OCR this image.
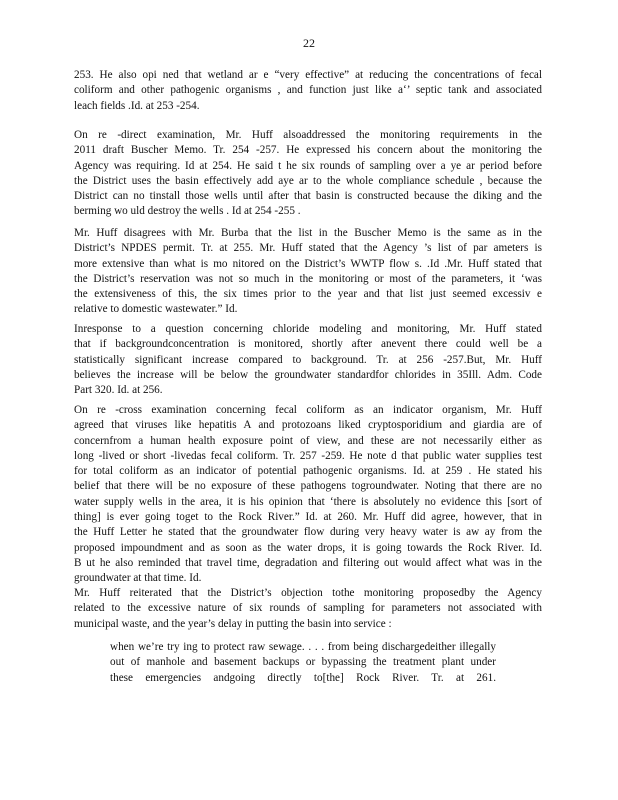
22
253. He also opi ned that wetland ar e “very effective” at reducing the concentrations of fecal
coliform and other pathogenic organisms , and function just like a‘’ septic tank and associated
leach fields .Id. at 253 -254.
On re -direct examination, Mr. Huff alsoaddressed the monitoring requirements in the
2011 draft Buscher Memo. Tr. 254 -257. He expressed his concern about the monitoring the
Agency was requiring. Id at 254. He said t he six rounds of sampling over a ye ar period before
the District uses the basin effectively add aye ar to the whole compliance schedule , because the
District can no tinstall those wells until after that basin is constructed because the diking and the
berming wo uld destroy the wells . Id at 254 -255 .
Mr. Huff disagrees with Mr. Burba that the list in the Buscher Memo is the same as in the
District’s NPDES permit. Tr. at 255. Mr. Huff stated that the Agency ’s list of par ameters is
more extensive than what is mo nitored on the District’s WWTP flow s. .Id .Mr. Huff stated that
the District’s reservation was not so much in the monitoring or most of the parameters, it ‘was
the extensiveness of this, the six times prior to the year and that list just seemed excessiv e
relative to domestic wastewater.” Id.
Inresponse to a question concerning chloride modeling and monitoring, Mr. Huff stated
that if backgroundconcentration is monitored, shortly after anevent there could well be a
statistically significant increase compared to background. Tr. at 256 -257.But, Mr. Huff
believes the increase will be below the groundwater standardfor chlorides in 35Ill. Adm. Code
Part 320. Id. at 256.
On re -cross examination concerning fecal coliform as an indicator organism, Mr. Huff
agreed that viruses like hepatitis A and protozoans liked cryptosporidium and giardia are of
concernfrom a human health exposure point of view, and these are not necessarily either as
long -lived or short -livedas fecal coliform. Tr. 257 -259. He note d that public water supplies test
for total coliform as an indicator of potential pathogenic organisms. Id. at 259 . He stated his
belief that there will be no exposure of these pathogens togroundwater. Noting that there are no
water supply wells in the area, it is his opinion that ‘there is absolutely no evidence this [sort of
thing] is ever going toget to the Rock River.” Id. at 260. Mr. Huff did agree, however, that in
the Huff Letter he stated that the groundwater flow during very heavy water is aw ay from the
proposed impoundment and as soon as the water drops, it is going towards the Rock River. Id.
B ut he also reminded that travel time, degradation and filtering out would affect what was in the
groundwater at that time. Id.
Mr. Huff reiterated that the District’s objection tothe monitoring proposedby the Agency
related to the excessive nature of six rounds of sampling for parameters not associated with
municipal waste, and the year’s delay in putting the basin into service :
when we’re try ing to protect raw sewage. . . . from being dischargedeither illegally
out of manhole and basement backups or bypassing the treatment plant under
these emergencies andgoing directly to[the] Rock River. Tr. at 261.
